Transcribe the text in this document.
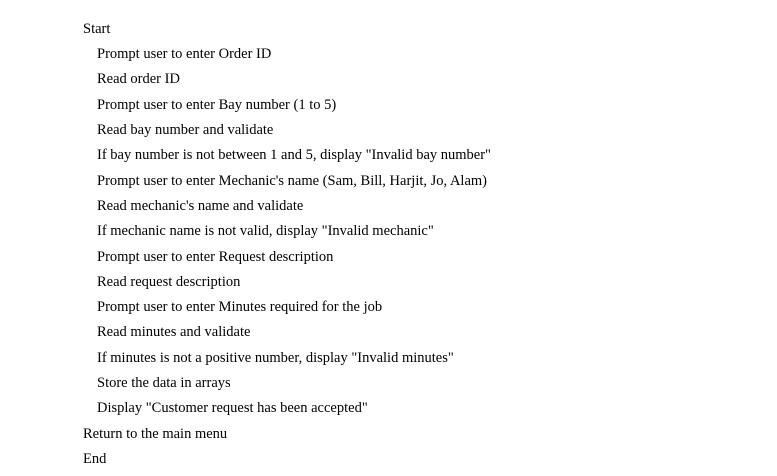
Start
Prompt user to enter Order ID
Read order ID
Prompt user to enter Bay number (1 to 5)
Read bay number and validate
If bay number is not between 1 and 5, display "Invalid bay number"
Prompt user to enter Mechanic's name (Sam, Bill, Harjit, Jo, Alam)
Read mechanic's name and validate
If mechanic name is not valid, display "Invalid mechanic"
Prompt user to enter Request description
Read request description
Prompt user to enter Minutes required for the job
Read minutes and validate
If minutes is not a positive number, display "Invalid minutes"
Store the data in arrays
Display "Customer request has been accepted"
Return to the main menu
End
